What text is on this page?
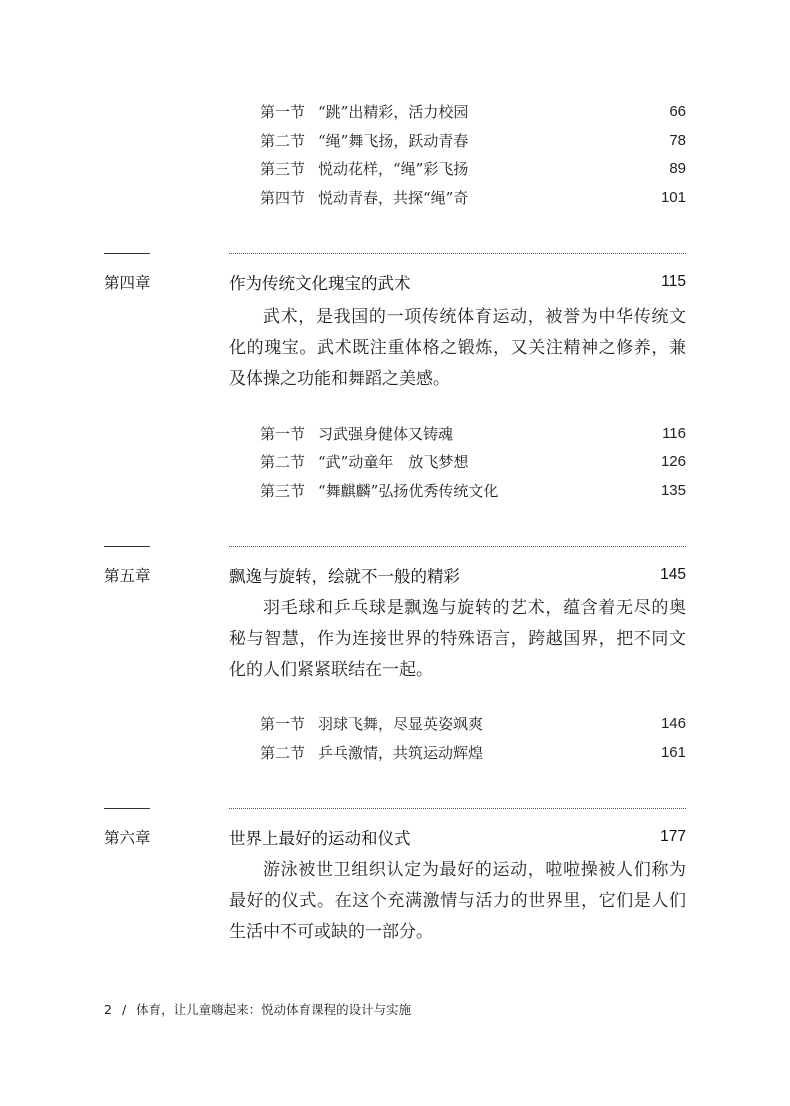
第一节 “跳”出精彩，活力校园	66
第二节 “绳”舞飞扬，跃动青春	78
第三节 悦动花样，“绳”彩飞扬	89
第四节 悦动青春，共探“绳”奇	101
第四章	作为传统文化瑰宝的武术	115

武术，是我国的一项传统体育运动，被誉为中华传统文化的瑰宝。武术既注重体格之锻炼，又关注精神之修养，兼及体操之功能和舞蹈之美感。

第一节 习武强身健体又铸魂	116
第二节 “武”动童年　放飞梦想	126
第三节 “舞麒麟”弘扬优秀传统文化	135
第五章	飘逸与旋转，绘就不一般的精彩	145

羽毛球和乒乓球是飘逸与旋转的艺术，蕴含着无尽的奥秘与智慧，作为连接世界的特殊语言，跨越国界，把不同文化的人们紧紧联结在一起。

第一节 羽球飞舞，尽显英姿飒爽	146
第二节 乒乓激情，共筑运动辉煌	161
第六章	世界上最好的运动和仪式	177

游泳被世卫组织认定为最好的运动，啦啦操被人们称为最好的仪式。在这个充满激情与活力的世界里，它们是人们生活中不可或缺的一部分。

2 / 体育，让儿童嗨起来：悦动体育课程的设计与实施
